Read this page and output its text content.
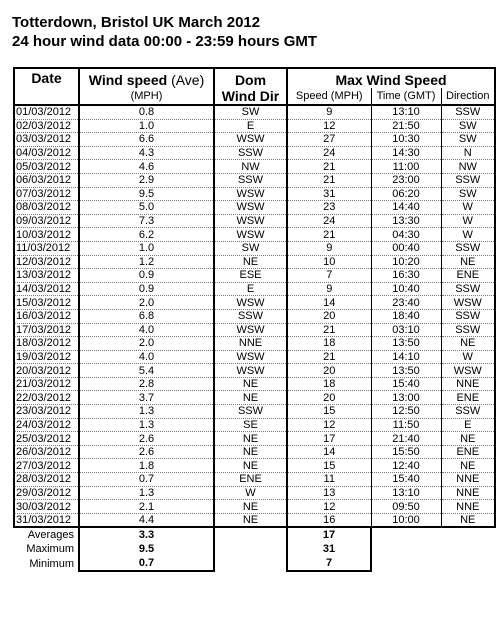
Totterdown, Bristol UK March 2012
24 hour wind data 00:00 - 23:59 hours GMT
Date	Wind speed (Ave)	Dom	Max Wind Speed		
	(MPH)	Wind Dir	Speed (MPH)	Time (GMT)	Direction
01/03/2012	0.8	SW	9	13:10	SSW
02/03/2012	1.0	E	12	21:50	SW
03/03/2012	6.6	WSW	27	10:30	SW
04/03/2012	4.3	SSW	24	14:30	N
05/03/2012	4.6	NW	21	11:00	NW
06/03/2012	2.9	SSW	21	23:00	SSW
07/03/2012	9.5	WSW	31	06:20	SW
08/03/2012	5.0	WSW	23	14:40	W
09/03/2012	7.3	WSW	24	13:30	W
10/03/2012	6.2	WSW	21	04:30	W
11/03/2012	1.0	SW	9	00:40	SSW
12/03/2012	1.2	NE	10	10:20	NE
13/03/2012	0.9	ESE	7	16:30	ENE
14/03/2012	0.9	E	9	10:40	SSW
15/03/2012	2.0	WSW	14	23:40	WSW
16/03/2012	6.8	SSW	20	18:40	SSW
17/03/2012	4.0	WSW	21	03:10	SSW
18/03/2012	2.0	NNE	18	13:50	NE
19/03/2012	4.0	WSW	21	14:10	W
20/03/2012	5.4	WSW	20	13:50	WSW
21/03/2012	2.8	NE	18	15:40	NNE
22/03/2012	3.7	NE	20	13:00	ENE
23/03/2012	1.3	SSW	15	12:50	SSW
24/03/2012	1.3	SE	12	11:50	E
25/03/2012	2.6	NE	17	21:40	NE
26/03/2012	2.6	NE	14	15:50	ENE
27/03/2012	1.8	NE	15	12:40	NE
28/03/2012	0.7	ENE	11	15:40	NNE
29/03/2012	1.3	W	13	13:10	NNE
30/03/2012	2.1	NE	12	09:50	NNE
31/03/2012	4.4	NE	16	10:00	NE
Averages	3.3		17		
Maximum	9.5		31		
Minimum	0.7		7		
